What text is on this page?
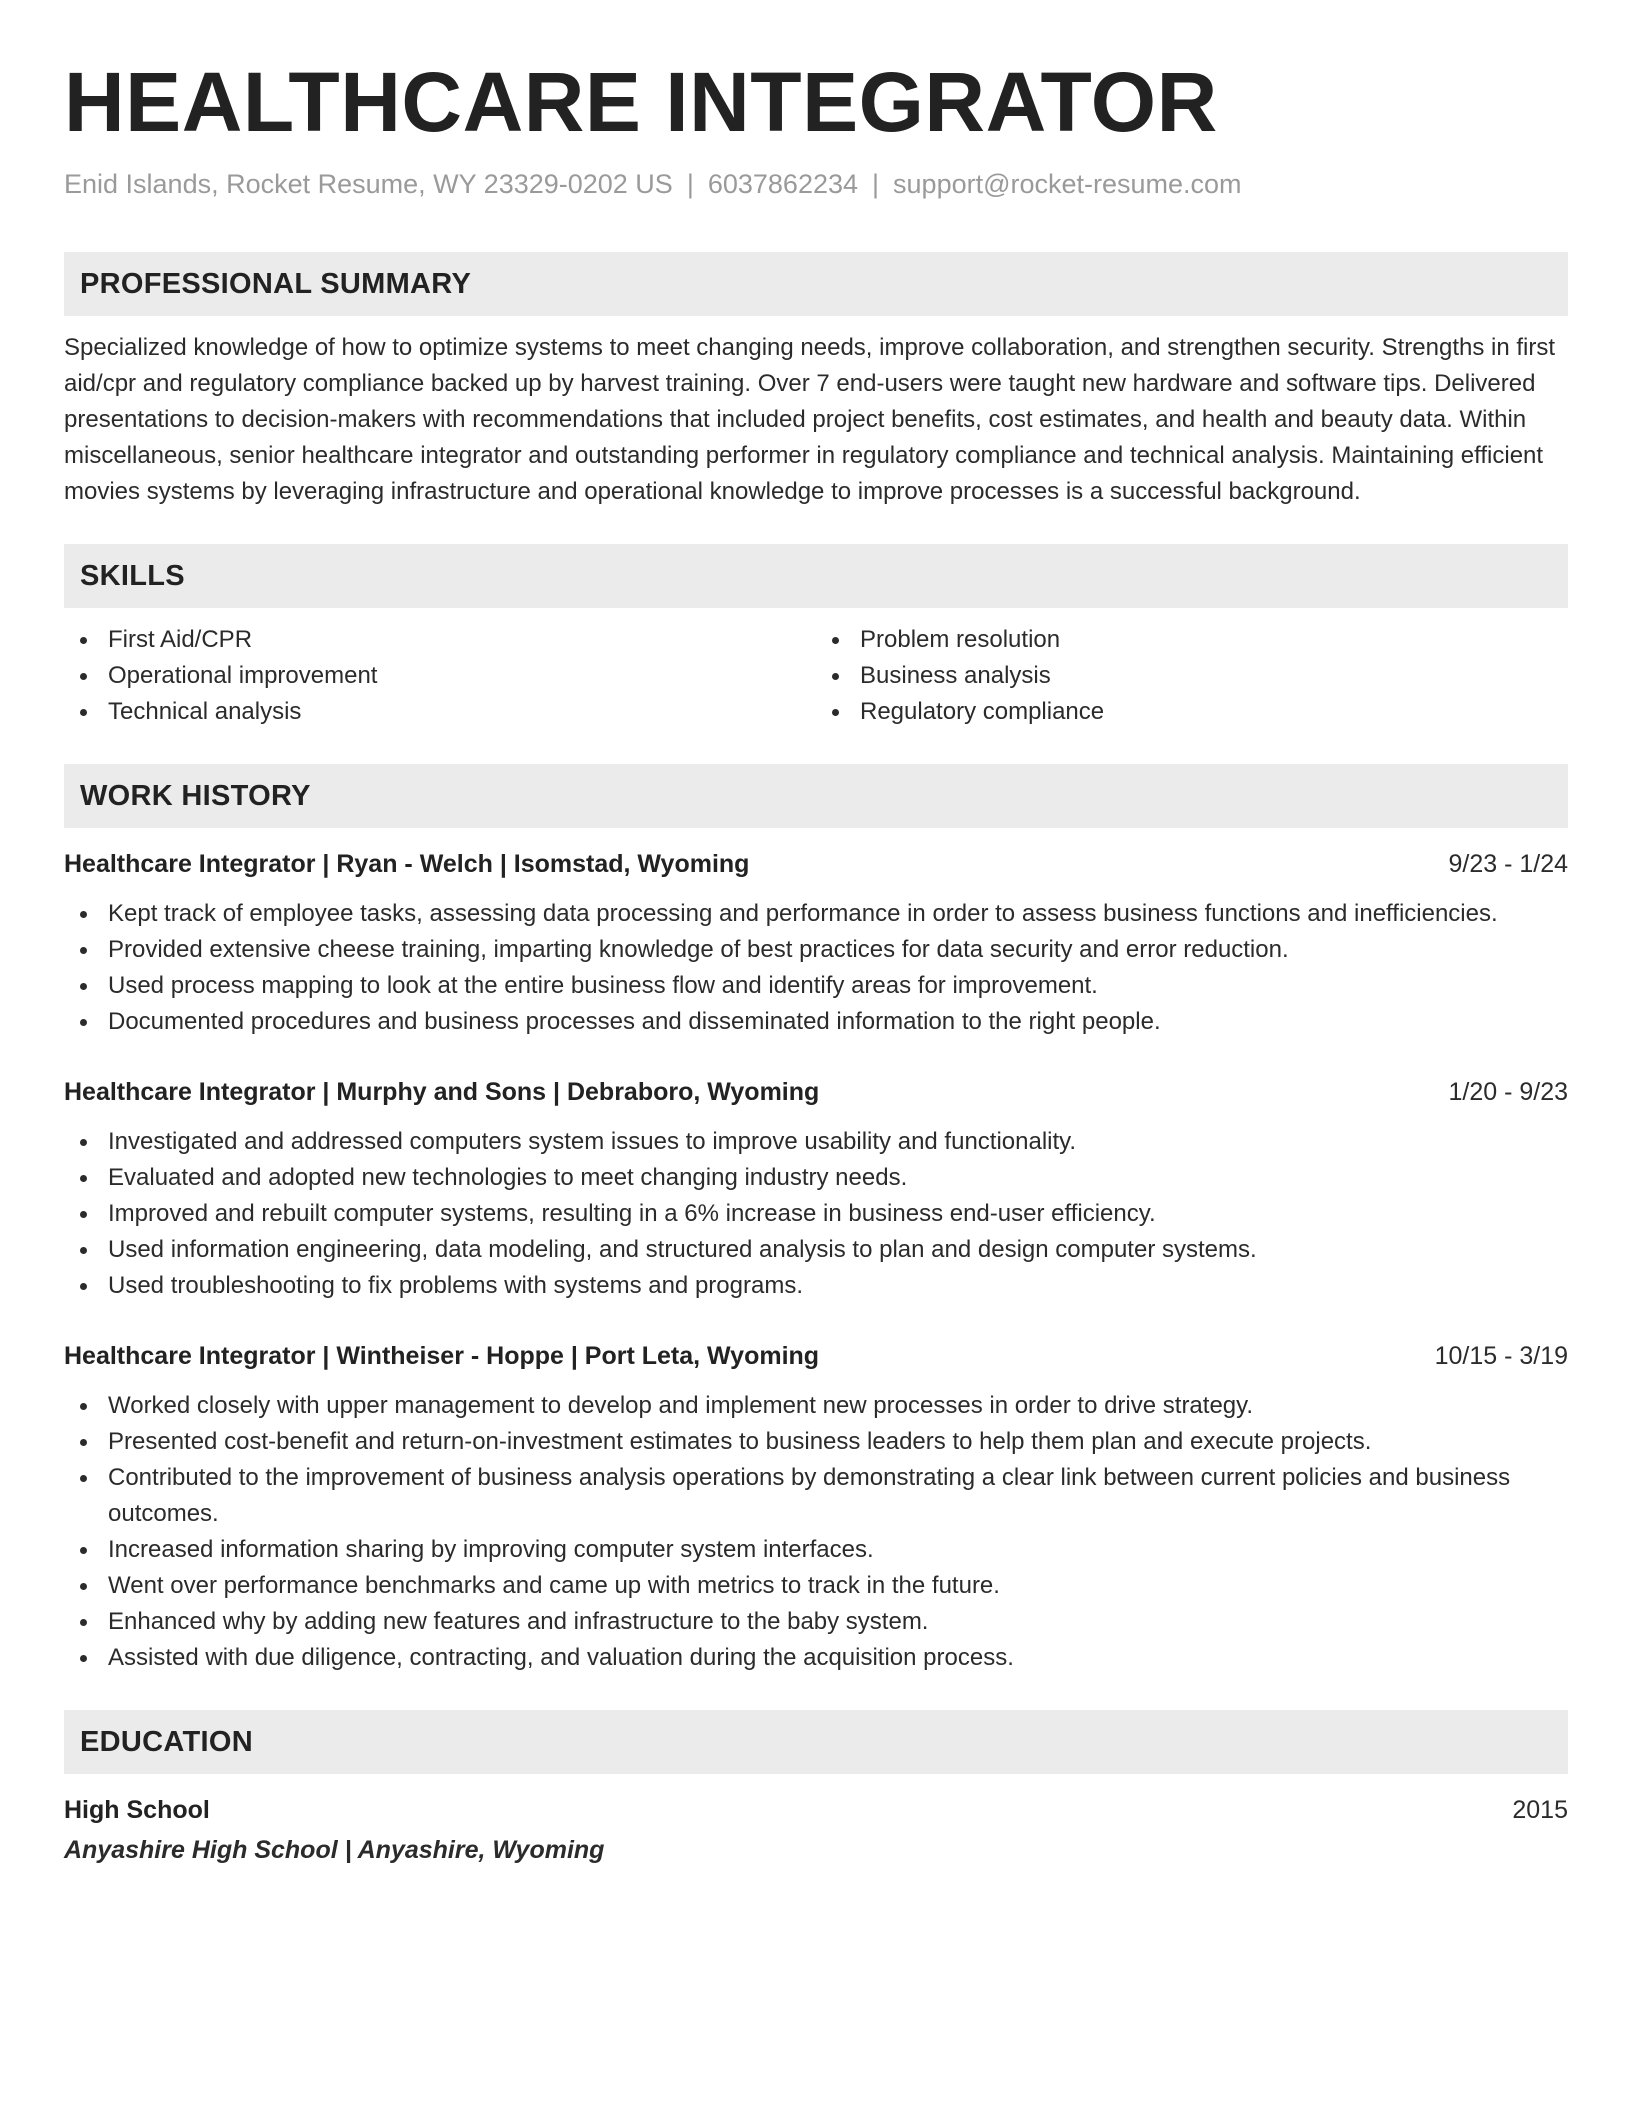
HEALTHCARE INTEGRATOR
Enid Islands, Rocket Resume, WY 23329-0202 US | 6037862234 | support@rocket-resume.com
PROFESSIONAL SUMMARY
Specialized knowledge of how to optimize systems to meet changing needs, improve collaboration, and strengthen security. Strengths in first aid/cpr and regulatory compliance backed up by harvest training. Over 7 end-users were taught new hardware and software tips. Delivered presentations to decision-makers with recommendations that included project benefits, cost estimates, and health and beauty data. Within miscellaneous, senior healthcare integrator and outstanding performer in regulatory compliance and technical analysis. Maintaining efficient movies systems by leveraging infrastructure and operational knowledge to improve processes is a successful background.
SKILLS
First Aid/CPR
Operational improvement
Technical analysis
Problem resolution
Business analysis
Regulatory compliance
WORK HISTORY
Healthcare Integrator | Ryan - Welch | Isomstad, Wyoming	9/23 - 1/24
Kept track of employee tasks, assessing data processing and performance in order to assess business functions and inefficiencies.
Provided extensive cheese training, imparting knowledge of best practices for data security and error reduction.
Used process mapping to look at the entire business flow and identify areas for improvement.
Documented procedures and business processes and disseminated information to the right people.
Healthcare Integrator | Murphy and Sons | Debraboro, Wyoming	1/20 - 9/23
Investigated and addressed computers system issues to improve usability and functionality.
Evaluated and adopted new technologies to meet changing industry needs.
Improved and rebuilt computer systems, resulting in a 6% increase in business end-user efficiency.
Used information engineering, data modeling, and structured analysis to plan and design computer systems.
Used troubleshooting to fix problems with systems and programs.
Healthcare Integrator | Wintheiser - Hoppe | Port Leta, Wyoming	10/15 - 3/19
Worked closely with upper management to develop and implement new processes in order to drive strategy.
Presented cost-benefit and return-on-investment estimates to business leaders to help them plan and execute projects.
Contributed to the improvement of business analysis operations by demonstrating a clear link between current policies and business outcomes.
Increased information sharing by improving computer system interfaces.
Went over performance benchmarks and came up with metrics to track in the future.
Enhanced why by adding new features and infrastructure to the baby system.
Assisted with due diligence, contracting, and valuation during the acquisition process.
EDUCATION
High School	2015
Anyashire High School | Anyashire, Wyoming
